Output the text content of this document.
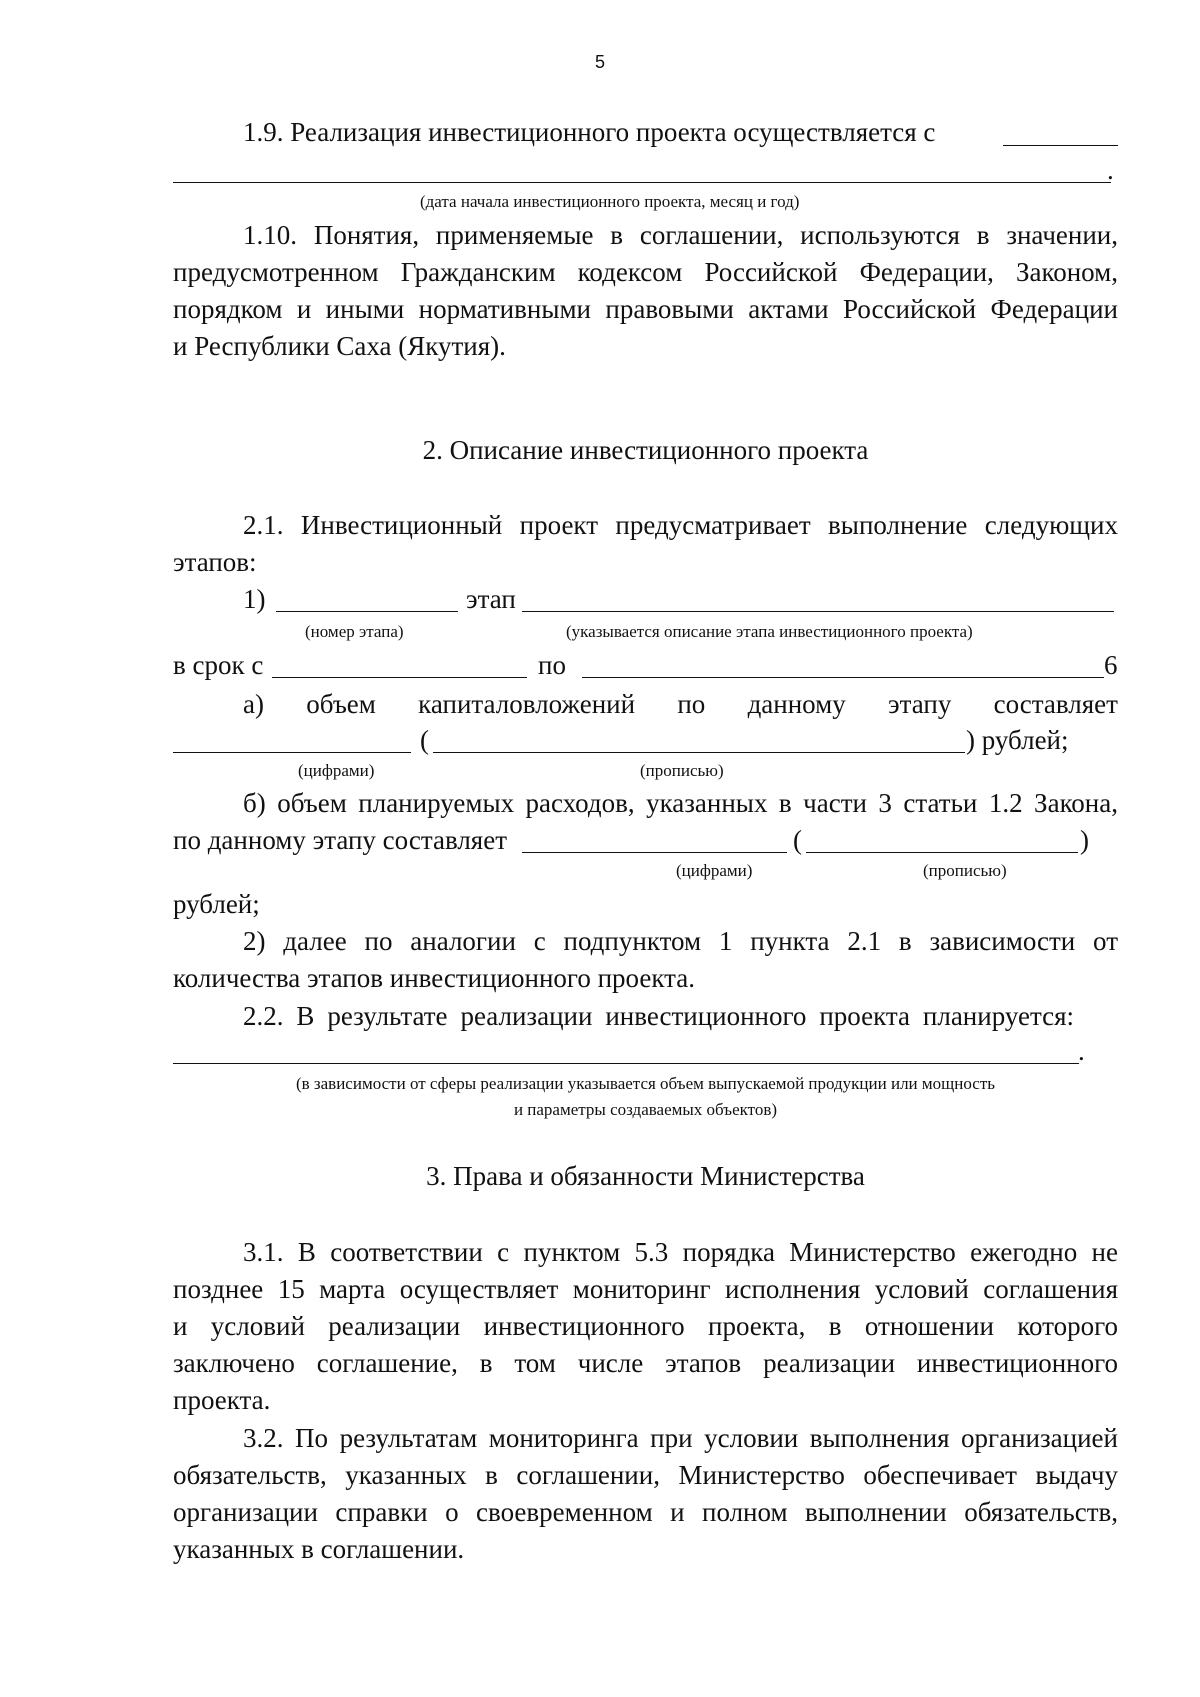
5
1.9. Реализация инвестиционного проекта осуществляется с
.
(дата начала инвестиционного проекта, месяц и год)
1.10. Понятия, применяемые в соглашении, используются в значении,
предусмотренном Гражданским кодексом Российской Федерации, Законом,
порядком и иными нормативными правовыми актами Российской Федерации
и Республики Саха (Якутия).
2. Описание инвестиционного проекта
2.1. Инвестиционный проект предусматривает выполнение следующих
этапов:
1)	этап
(номер этапа)	(указывается описание этапа инвестиционного проекта)
в срок с	по	6
а) объем капиталовложений по данному этапу составляет
(	) рублей;
(цифрами)	(прописью)
б) объем планируемых расходов, указанных в части 3 статьи 1.2 Закона,
по данному этапу составляет	(	)
(цифрами)	(прописью)
рублей;
2) далее по аналогии с подпунктом 1 пункта 2.1 в зависимости от
количества этапов инвестиционного проекта.
2.2. В результате реализации инвестиционного проекта планируется:
.
(в зависимости от сферы реализации указывается объем выпускаемой продукции или мощность
и параметры создаваемых объектов)
3. Права и обязанности Министерства
3.1. В соответствии с пунктом 5.3 порядка Министерство ежегодно не
позднее 15 марта осуществляет мониторинг исполнения условий соглашения
и условий реализации инвестиционного проекта, в отношении которого
заключено соглашение, в том числе этапов реализации инвестиционного
проекта.
3.2. По результатам мониторинга при условии выполнения организацией
обязательств, указанных в соглашении, Министерство обеспечивает выдачу
организации справки о своевременном и полном выполнении обязательств,
указанных в соглашении.
